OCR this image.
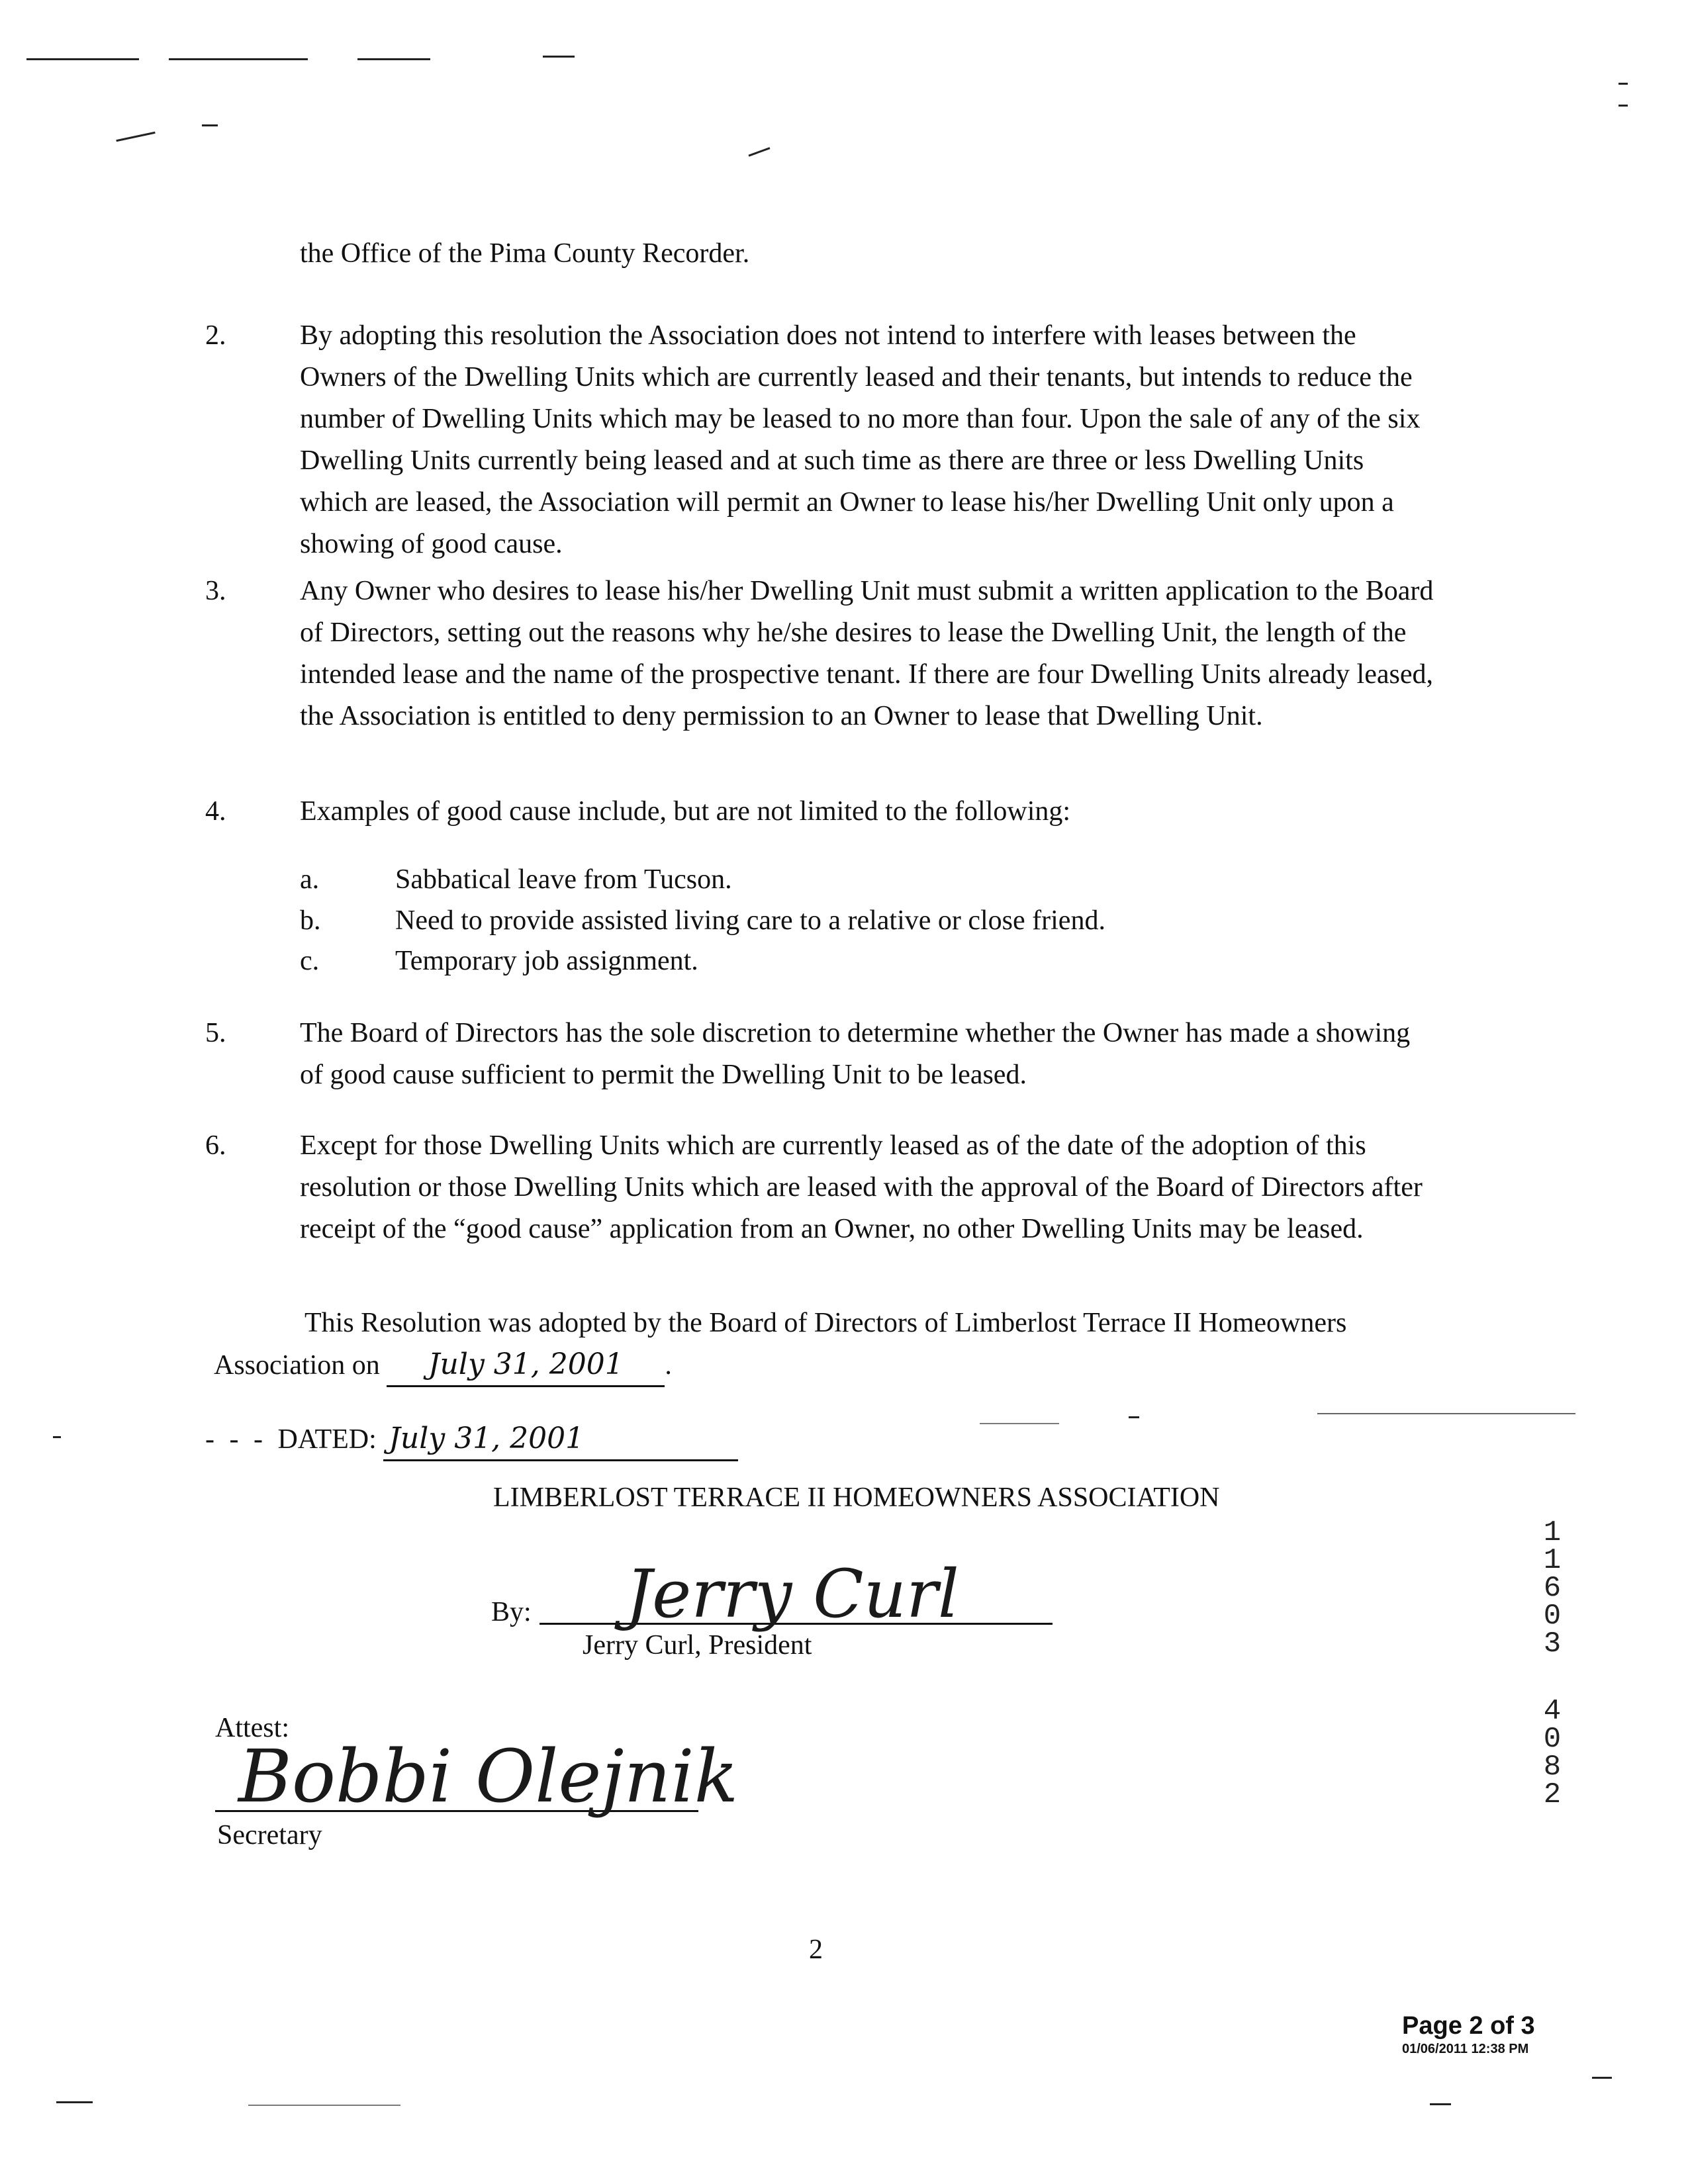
the Office of the Pima County Recorder.
2.	By adopting this resolution the Association does not intend to interfere with leases between the Owners of the Dwelling Units which are currently leased and their tenants, but intends to reduce the number of Dwelling Units which may be leased to no more than four. Upon the sale of any of the six Dwelling Units currently being leased and at such time as there are three or less Dwelling Units which are leased, the Association will permit an Owner to lease his/her Dwelling Unit only upon a showing of good cause.
3.	Any Owner who desires to lease his/her Dwelling Unit must submit a written application to the Board of Directors, setting out the reasons why he/she desires to lease the Dwelling Unit, the length of the intended lease and the name of the prospective tenant. If there are four Dwelling Units already leased, the Association is entitled to deny permission to an Owner to lease that Dwelling Unit.
4.	Examples of good cause include, but are not limited to the following:
a.	Sabbatical leave from Tucson.
b.	Need to provide assisted living care to a relative or close friend.
c.	Temporary job assignment.
5.	The Board of Directors has the sole discretion to determine whether the Owner has made a showing of good cause sufficient to permit the Dwelling Unit to be leased.
6.	Except for those Dwelling Units which are currently leased as of the date of the adoption of this resolution or those Dwelling Units which are leased with the approval of the Board of Directors after receipt of the “good cause” application from an Owner, no other Dwelling Units may be leased.
This Resolution was adopted by the Board of Directors of Limberlost Terrace II Homeowners
Association on July 31, 2001 .
- - - DATED: July 31, 2001
LIMBERLOST TERRACE II HOMEOWNERS ASSOCIATION
By: Jerry Curl
Jerry Curl, President
Attest:
Bobbi Olejnik
Secretary
2
Page 2 of 3
01/06/2011 12:38 PM
1
1
6
0
3
4
0
8
2
